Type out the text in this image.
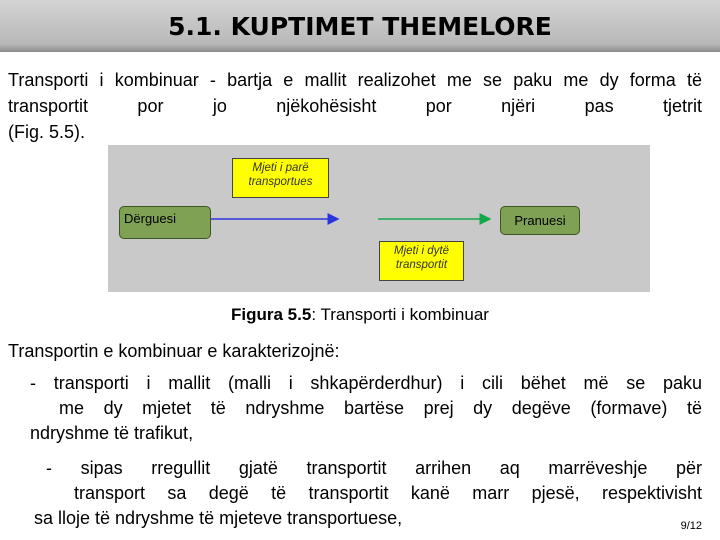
5.1. KUPTIMET THEMELORE
Transporti i kombinuar - bartja e mallit realizohet me se paku me dy forma të
transportit por jo njëkohësisht por njëri pas tjetrit
(Fig. 5.5).
Mjeti i parë
transportues
Dërguesi	Pranuesi
Mjeti i dytë
transportit
Figura 5.5: Transporti i kombinuar
Transportin e kombinuar e karakterizojnë:
- transporti i mallit (malli i shkapërderdhur) i cili bëhet më se paku
me dy mjetet të ndryshme bartëse prej dy degëve (formave) të
ndryshme të trafikut,
- sipas rregullit gjatë transportit arrihen aq marrëveshje për
transport sa degë të transportit kanë marr pjesë, respektivisht
sa lloje të ndryshme të mjeteve transportuese,	9/12
